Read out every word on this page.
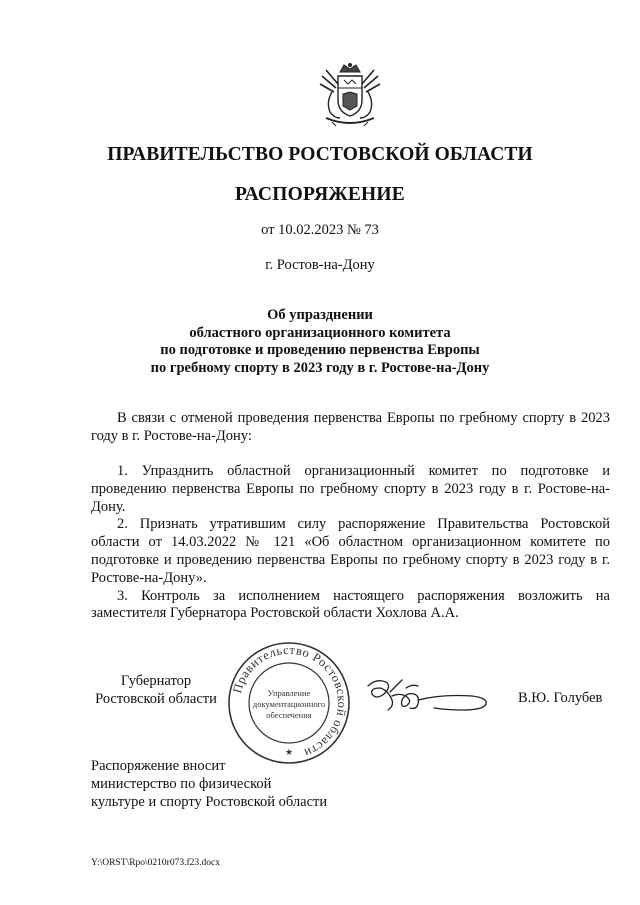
ПРАВИТЕЛЬСТВО РОСТОВСКОЙ ОБЛАСТИ
РАСПОРЯЖЕНИЕ
от 10.02.2023 № 73
г. Ростов-на-Дону
Об упразднении
областного организационного комитета
по подготовке и проведению первенства Европы
по гребному спорту в 2023 году в г. Ростове-на-Дону

В связи с отменой проведения первенства Европы по гребному спорту в 2023 году в г. Ростове-на-Дону:

1. Упразднить областной организационный комитет по подготовке и проведению первенства Европы по гребному спорту в 2023 году в г. Ростове-на-Дону.

2. Признать утратившим силу распоряжение Правительства Ростовской области от 14.03.2022 № 121 «Об областном организационном комитете по подготовке и проведению первенства Европы по гребному спорту в 2023 году в г. Ростове-на-Дону».

3. Контроль за исполнением настоящего распоряжения возложить на заместителя Губернатора Ростовской области Хохлова А.А.

Губернатор
Ростовской области
Правительство Ростовской области
★
Управление
документационного
обеспечения
В.Ю. Голубев
Распоряжение вносит
министерство по физической
культуре и спорту Ростовской области
Y:\ORST\Rpo\0210r073.f23.docx
